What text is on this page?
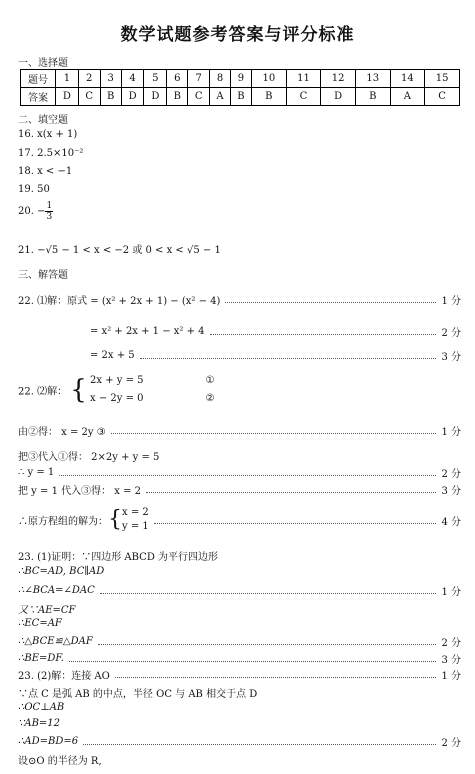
数学试题参考答案与评分标准
一、选择题
题号	1	2	3	4	5	6	7	8	9	10	11	12	13	14	15
答案	D	C	B	D	D	B	C	A	B	B	C	D	B	A	C
二、填空题
16. x(x + 1)
17. 2.5×10⁻²
18. x < −1
19. 50
20. − $\frac{1}{3}$
21. −√5 − 1 < x < −2 或 0 < x < √5 − 1
三、解答题
22. ⑴解：原式 = (x² + 2x + 1) − (x² − 4)	1 分
= x² + 2x + 1 − x² + 4	2 分
= 2x + 5	3 分
22. ⑵解： { 2x + y = 5	①
x − 2y = 0	②
由②得： x = 2y ③	1 分
把③代入①得： 2×2y + y = 5
∴ y = 1	2 分
把 y = 1 代入③得： x = 2	3 分
∴原方程组的解为：{ x = 2
y = 1	4 分
23. (1)证明：∵四边形 ABCD 为平行四边形
∴BC=AD, BC∥AD
∴∠BCA=∠DAC	1 分
又∵AE=CF
∴EC=AF
∴△BCE≌△DAF	2 分
∴BE=DF.	3 分
23. (2)解：连接 AO	1 分
∵点 C 是弧 AB 的中点，半径 OC 与 AB 相交于点 D
∴OC⊥AB
∵AB=12
∴AD=BD=6	2 分
设⊙O 的半径为 R,
